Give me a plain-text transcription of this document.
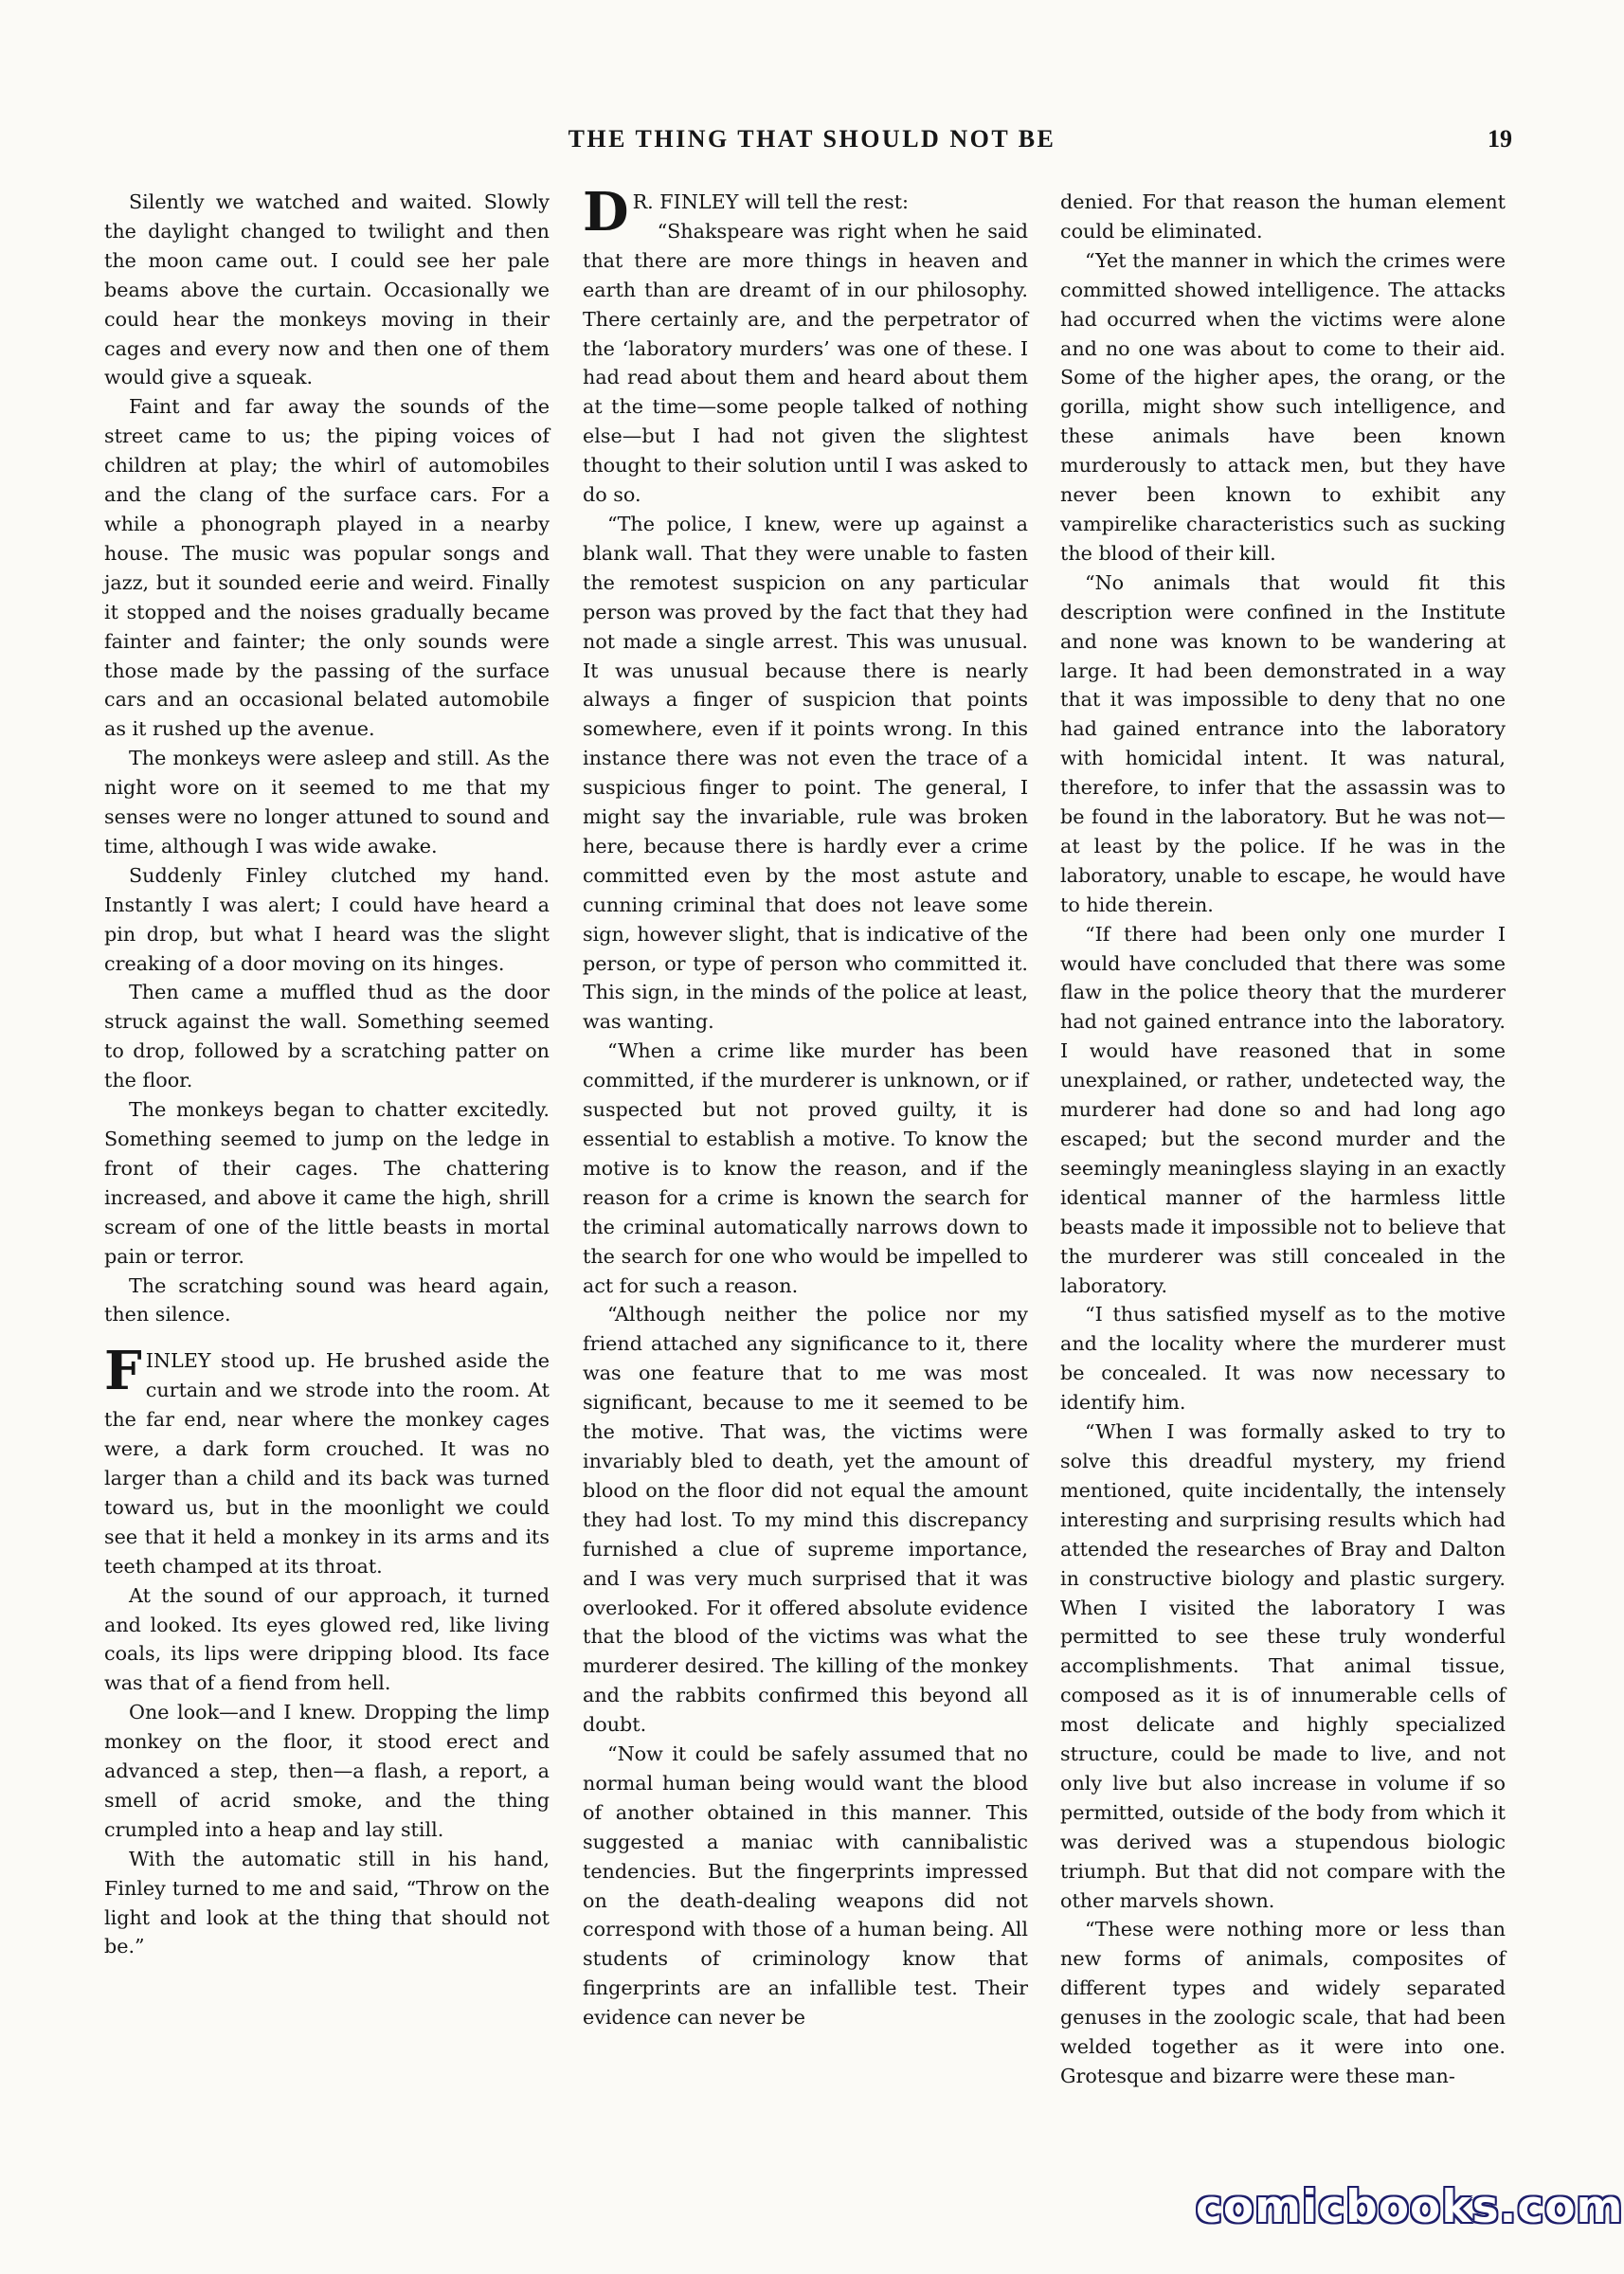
THE THING THAT SHOULD NOT BE	19

Silently we watched and waited. Slowly the daylight changed to twilight and then the moon came out. I could see her pale beams above the curtain. Occasionally we could hear the monkeys moving in their cages and every now and then one of them would give a squeak.

Faint and far away the sounds of the street came to us; the piping voices of children at play; the whirl of automobiles and the clang of the surface cars. For a while a phonograph played in a nearby house. The music was popular songs and jazz, but it sounded eerie and weird. Finally it stopped and the noises gradually became fainter and fainter; the only sounds were those made by the passing of the surface cars and an occasional belated automobile as it rushed up the avenue.

The monkeys were asleep and still. As the night wore on it seemed to me that my senses were no longer attuned to sound and time, although I was wide awake.

Suddenly Finley clutched my hand. Instantly I was alert; I could have heard a pin drop, but what I heard was the slight creaking of a door moving on its hinges.

Then came a muffled thud as the door struck against the wall. Something seemed to drop, followed by a scratching patter on the floor.

The monkeys began to chatter excitedly. Something seemed to jump on the ledge in front of their cages. The chattering increased, and above it came the high, shrill scream of one of the little beasts in mortal pain or terror.

The scratching sound was heard again, then silence.

FINLEY stood up. He brushed aside the curtain and we strode into the room. At the far end, near where the monkey cages were, a dark form crouched. It was no larger than a child and its back was turned toward us, but in the moonlight we could see that it held a monkey in its arms and its teeth champed at its throat.

At the sound of our approach, it turned and looked. Its eyes glowed red, like living coals, its lips were dripping blood. Its face was that of a fiend from hell.

One look—and I knew. Dropping the limp monkey on the floor, it stood erect and advanced a step, then—a flash, a report, a smell of acrid smoke, and the thing crumpled into a heap and lay still.

With the automatic still in his hand, Finley turned to me and said, “Throw on the light and look at the thing that should not be.”

D R. FINLEY will tell the rest:

“Shakspeare was right when he said that there are more things in heaven and earth than are dreamt of in our philosophy. There certainly are, and the perpetrator of the ‘laboratory murders’ was one of these. I had read about them and heard about them at the time—some people talked of nothing else—but I had not given the slightest thought to their solution until I was asked to do so.

“The police, I knew, were up against a blank wall. That they were unable to fasten the remotest suspicion on any particular person was proved by the fact that they had not made a single arrest. This was unusual. It was unusual because there is nearly always a finger of suspicion that points somewhere, even if it points wrong. In this instance there was not even the trace of a suspicious finger to point. The general, I might say the invariable, rule was broken here, because there is hardly ever a crime committed even by the most astute and cunning criminal that does not leave some sign, however slight, that is indicative of the person, or type of person who committed it. This sign, in the minds of the police at least, was wanting.

“When a crime like murder has been committed, if the murderer is unknown, or if suspected but not proved guilty, it is essential to establish a motive. To know the motive is to know the reason, and if the reason for a crime is known the search for the criminal automatically narrows down to the search for one who would be impelled to act for such a reason.

“Although neither the police nor my friend attached any significance to it, there was one feature that to me was most significant, because to me it seemed to be the motive. That was, the victims were invariably bled to death, yet the amount of blood on the floor did not equal the amount they had lost. To my mind this discrepancy furnished a clue of supreme importance, and I was very much surprised that it was overlooked. For it offered absolute evidence that the blood of the victims was what the murderer desired. The killing of the monkey and the rabbits confirmed this beyond all doubt.

“Now it could be safely assumed that no normal human being would want the blood of another obtained in this manner. This suggested a maniac with cannibalistic tendencies. But the fingerprints impressed on the death-dealing weapons did not correspond with those of a human being. All students of criminology know that fingerprints are an infallible test. Their evidence can never be

denied. For that reason the human element could be eliminated.

“Yet the manner in which the crimes were committed showed intelligence. The attacks had occurred when the victims were alone and no one was about to come to their aid. Some of the higher apes, the orang, or the gorilla, might show such intelligence, and these animals have been known murderously to attack men, but they have never been known to exhibit any vampirelike characteristics such as sucking the blood of their kill.

“No animals that would fit this description were confined in the Institute and none was known to be wandering at large. It had been demonstrated in a way that it was impossible to deny that no one had gained entrance into the laboratory with homicidal intent. It was natural, therefore, to infer that the assassin was to be found in the laboratory. But he was not—at least by the police. If he was in the laboratory, unable to escape, he would have to hide therein.

“If there had been only one murder I would have concluded that there was some flaw in the police theory that the murderer had not gained entrance into the laboratory. I would have reasoned that in some unexplained, or rather, undetected way, the murderer had done so and had long ago escaped; but the second murder and the seemingly meaningless slaying in an exactly identical manner of the harmless little beasts made it impossible not to believe that the murderer was still concealed in the laboratory.

“I thus satisfied myself as to the motive and the locality where the murderer must be concealed. It was now necessary to identify him.

“When I was formally asked to try to solve this dreadful mystery, my friend mentioned, quite incidentally, the intensely interesting and surprising results which had attended the researches of Bray and Dalton in constructive biology and plastic surgery. When I visited the laboratory I was permitted to see these truly wonderful accomplishments. That animal tissue, composed as it is of innumerable cells of most delicate and highly specialized structure, could be made to live, and not only live but also increase in volume if so permitted, outside of the body from which it was derived was a stupendous biologic triumph. But that did not compare with the other marvels shown.

“These were nothing more or less than new forms of animals, composites of different types and widely separated genuses in the zoologic scale, that had been welded together as it were into one. Grotesque and bizarre were these man-

comicbooks.com
